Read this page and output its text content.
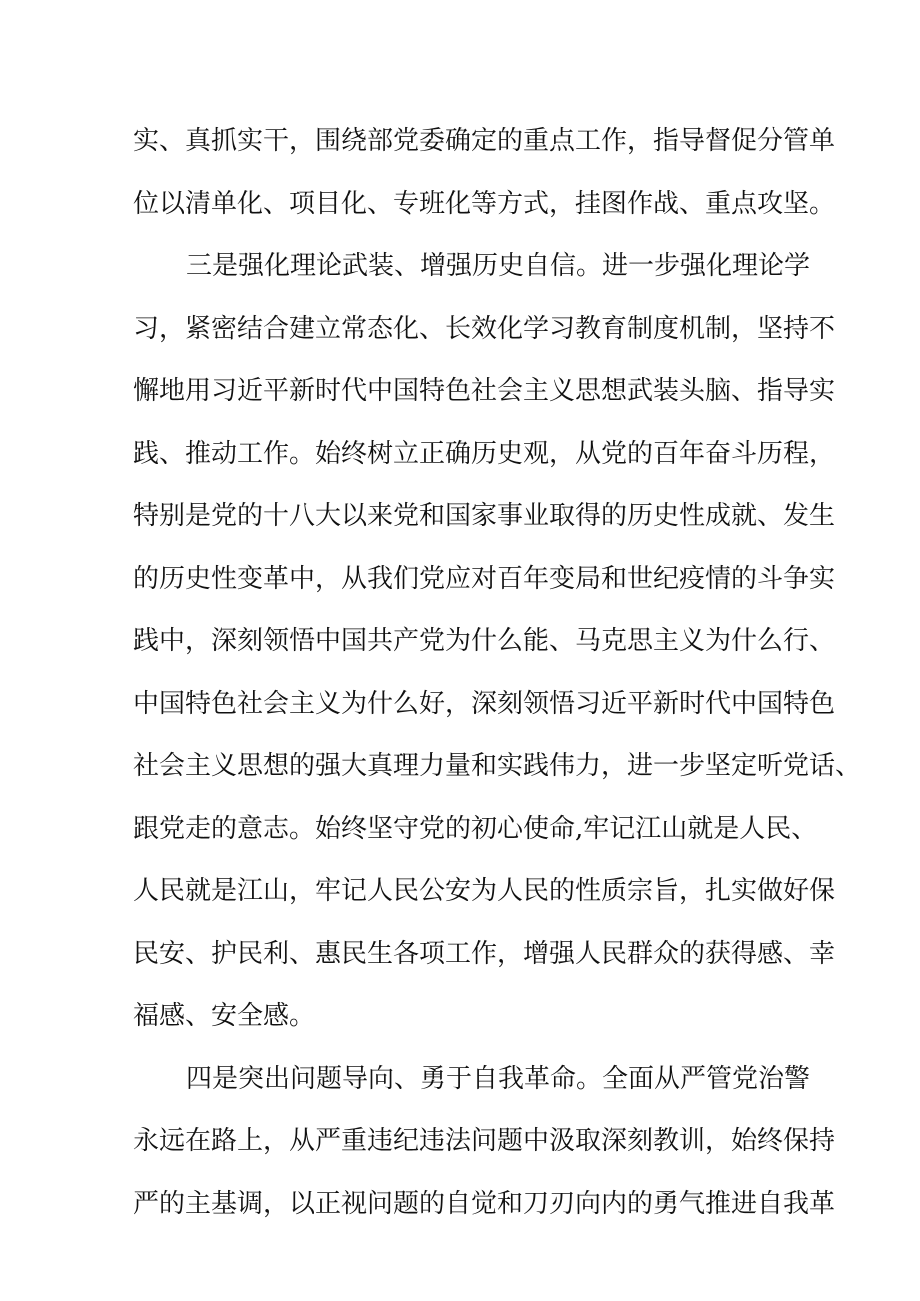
实、真抓实干，围绕部党委确定的重点工作，指导督促分管单

位以清单化、项目化、专班化等方式，挂图作战、重点攻坚。

三是强化理论武装、增强历史自信。进一步强化理论学

习，紧密结合建立常态化、长效化学习教育制度机制，坚持不

懈地用习近平新时代中国特色社会主义思想武装头脑、指导实

践、推动工作。始终树立正确历史观，从党的百年奋斗历程，

特别是党的十八大以来党和国家事业取得的历史性成就、发生

的历史性变革中，从我们党应对百年变局和世纪疫情的斗争实

践中，深刻领悟中国共产党为什么能、马克思主义为什么行、

中国特色社会主义为什么好，深刻领悟习近平新时代中国特色

社会主义思想的强大真理力量和实践伟力，进一步坚定听党话、

跟党走的意志。始终坚守党的初心使命,牢记江山就是人民、

人民就是江山，牢记人民公安为人民的性质宗旨，扎实做好保

民安、护民利、惠民生各项工作，增强人民群众的获得感、幸

福感、安全感。

四是突出问题导向、勇于自我革命。全面从严管党治警

永远在路上，从严重违纪违法问题中汲取深刻教训，始终保持

严的主基调，以正视问题的自觉和刀刃向内的勇气推进自我革
